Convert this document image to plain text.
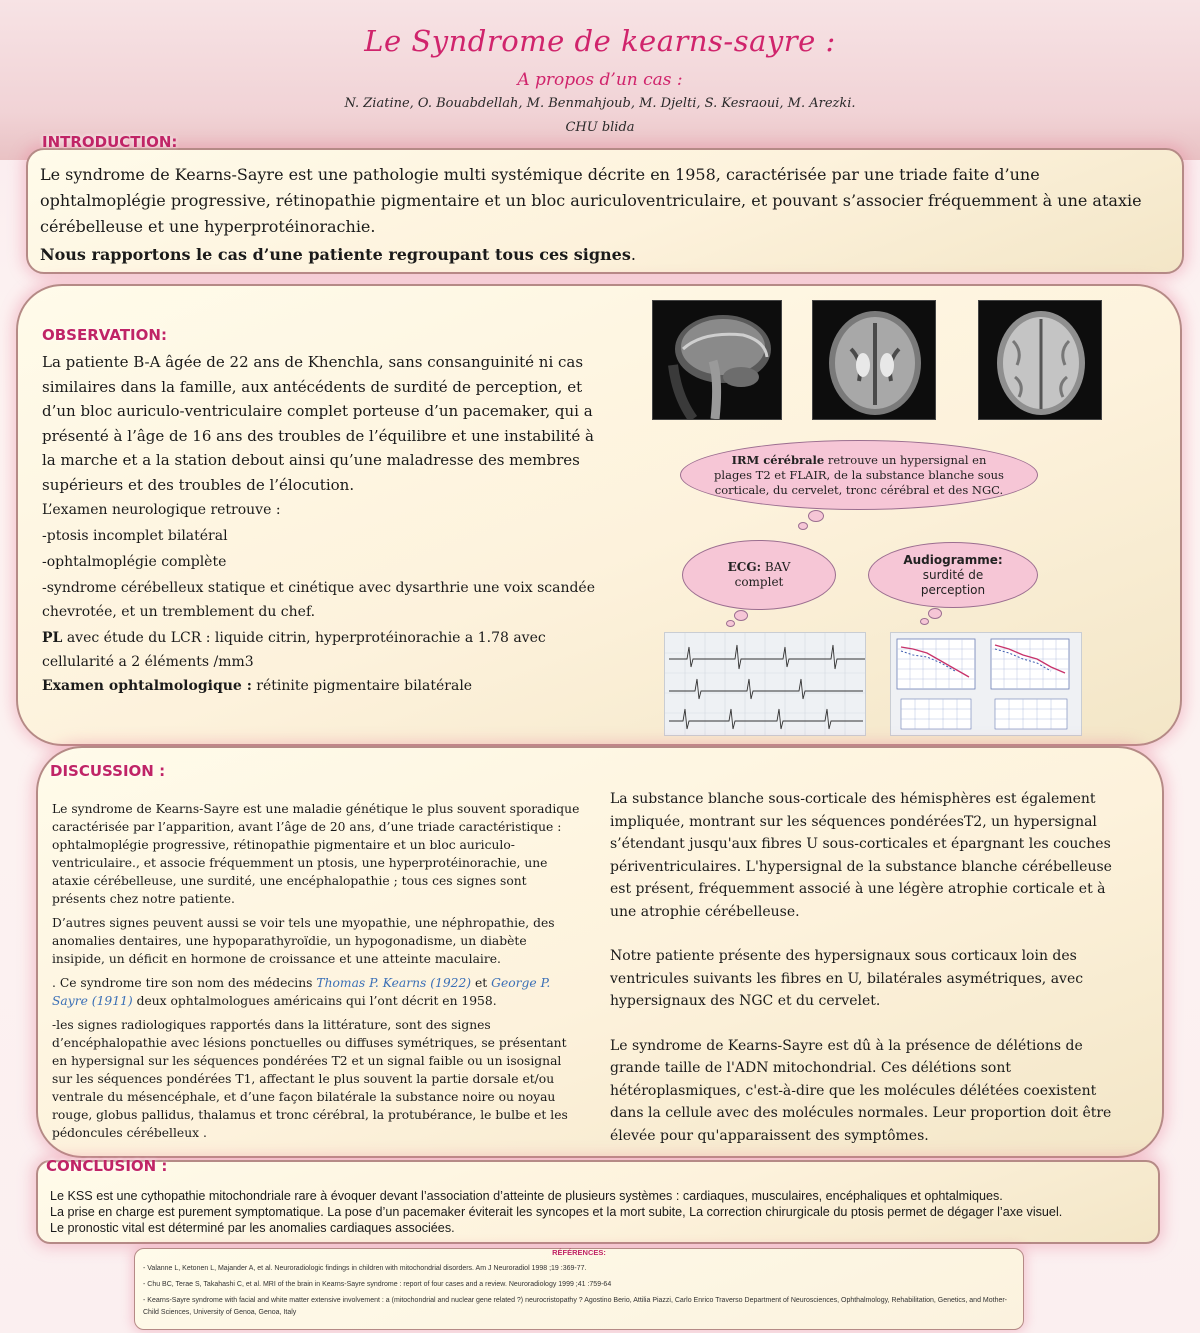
Le Syndrome de kearns-sayre :
A propos d’un cas :
N. Ziatine, O. Bouabdellah, M. Benmahjoub, M. Djelti, S. Kesraoui, M. Arezki.
CHU blida
Le syndrome de Kearns-Sayre est une pathologie multi systémique décrite en 1958, caractérisée par une triade faite d’une ophtalmoplégie progressive, rétinopathie pigmentaire et un bloc auriculoventriculaire, et pouvant s’associer fréquemment à une ataxie cérébelleuse et une hyperprotéinorachie.
Nous rapportons le cas d’une patiente regroupant tous ces signes.
INTRODUCTION:
OBSERVATION:
La patiente B-A âgée de 22 ans de Khenchla, sans consanguinité ni cas similaires dans la famille, aux antécédents de surdité de perception, et d’un bloc auriculo-ventriculaire complet porteuse d’un pacemaker, qui a présenté à l’âge de 16 ans des troubles de l’équilibre et une instabilité à la marche et a la station debout ainsi qu’une maladresse des membres supérieurs et des troubles de l’élocution.

L’examen neurologique retrouve :

-ptosis incomplet bilatéral

-ophtalmoplégie complète

-syndrome cérébelleux statique et cinétique avec dysarthrie une voix scandée chevrotée, et un tremblement du chef.

PL avec étude du LCR : liquide citrin, hyperprotéinorachie a 1.78 avec cellularité a 2 éléments /mm3

Examen ophtalmologique : rétinite pigmentaire bilatérale

IRM cérébrale retrouve un hypersignal en plages T2 et FLAIR, de la substance blanche sous corticale, du cervelet, tronc cérébral et des NGC.
ECG: BAV complet
Audiogramme: surdité de perception

Le syndrome de Kearns-Sayre est une maladie génétique le plus souvent sporadique caractérisée par l’apparition, avant l’âge de 20 ans, d’une triade caractéristique : ophtalmoplégie progressive, rétinopathie pigmentaire et un bloc auriculo-ventriculaire., et associe fréquemment un ptosis, une hyperprotéinorachie, une ataxie cérébelleuse, une surdité, une encéphalopathie ; tous ces signes sont présents chez notre patiente.

D’autres signes peuvent aussi se voir tels une myopathie, une néphropathie, des anomalies dentaires, une hypoparathyroïdie, un hypogonadisme, un diabète insipide, un déficit en hormone de croissance et une atteinte maculaire.

. Ce syndrome tire son nom des médecins Thomas P. Kearns (1922) et George P. Sayre (1911) deux ophtalmologues américains qui l’ont décrit en 1958.

-les signes radiologiques rapportés dans la littérature, sont des signes d’encéphalopathie avec lésions ponctuelles ou diffuses symétriques, se présentant en hypersignal sur les séquences pondérées T2 et un signal faible ou un isosignal sur les séquences pondérées T1, affectant le plus souvent la partie dorsale et/ou ventrale du mésencéphale, et d’une façon bilatérale la substance noire ou noyau rouge, globus pallidus, thalamus et tronc cérébral, la protubérance, le bulbe et les pédoncules cérébelleux .

La substance blanche sous-corticale des hémisphères est également impliquée, montrant sur les séquences pondéréesT2, un hypersignal s’étendant jusqu'aux fibres U sous-corticales et épargnant les couches périventriculaires. L'hypersignal de la substance blanche cérébelleuse est présent, fréquemment associé à une légère atrophie corticale et à une atrophie cérébelleuse.

Notre patiente présente des hypersignaux sous corticaux loin des ventricules suivants les fibres en U, bilatérales asymétriques, avec hypersignaux des NGC et du cervelet.

Le syndrome de Kearns-Sayre est dû à la présence de délétions de grande taille de l'ADN mitochondrial. Ces délétions sont hétéroplasmiques, c'est-à-dire que les molécules délétées coexistent dans la cellule avec des molécules normales. Leur proportion doit être élevée pour qu'apparaissent des symptômes.

DISCUSSION :
Le KSS est une cythopathie mitochondriale rare à évoquer devant l’association d’atteinte de plusieurs systèmes : cardiaques, musculaires, encéphaliques et ophtalmiques.
La prise en charge est purement symptomatique. La pose d’un pacemaker éviterait les syncopes et la mort subite, La correction chirurgicale du ptosis permet de dégager l’axe visuel.
Le pronostic vital est déterminé par les anomalies cardiaques associées.
CONCLUSION :
RÉFÉRENCES:
- Valanne L, Ketonen L, Majander A, et al. Neuroradiologic findings in children with mitochondrial disorders. Am J Neuroradiol 1998 ;19 :369-77.
- Chu BC, Terae S, Takahashi C, et al. MRI of the brain in Kearns-Sayre syndrome : report of four cases and a review. Neuroradiology 1999 ;41 :759-64
- Kearns-Sayre syndrome with facial and white matter extensive involvement : a (mitochondrial and nuclear gene related ?) neurocristopathy ? Agostino Berio, Attilia Piazzi, Carlo Enrico Traverso Department of Neurosciences, Ophthalmology, Rehabilitation, Genetics, and Mother-Child Sciences, University of Genoa, Genoa, Italy
